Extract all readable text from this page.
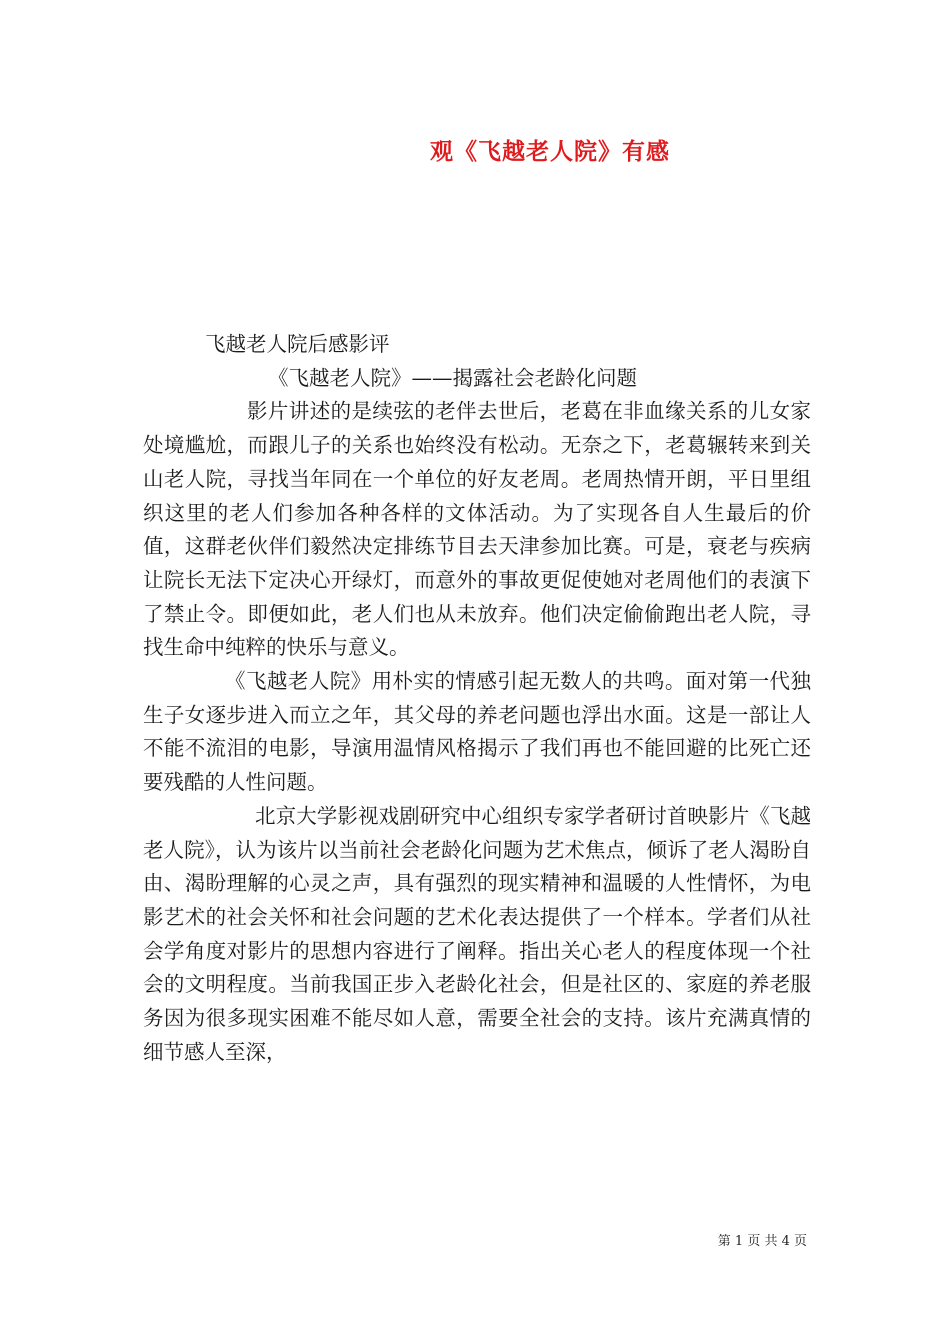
观《飞越老人院》有感

飞越老人院后感影评

《飞越老人院》——揭露社会老龄化问题

影片讲述的是续弦的老伴去世后，老葛在非血缘关系的儿女家处境尴尬，而跟儿子的关系也始终没有松动。无奈之下，老葛辗转来到关山老人院，寻找当年同在一个单位的好友老周。老周热情开朗，平日里组织这里的老人们参加各种各样的文体活动。为了实现各自人生最后的价值，这群老伙伴们毅然决定排练节目去天津参加比赛。可是，衰老与疾病让院长无法下定决心开绿灯，而意外的事故更促使她对老周他们的表演下了禁止令。即便如此，老人们也从未放弃。他们决定偷偷跑出老人院，寻找生命中纯粹的快乐与意义。

《飞越老人院》用朴实的情感引起无数人的共鸣。面对第一代独生子女逐步进入而立之年，其父母的养老问题也浮出水面。这是一部让人不能不流泪的电影，导演用温情风格揭示了我们再也不能回避的比死亡还要残酷的人性问题。

北京大学影视戏剧研究中心组织专家学者研讨首映影片《飞越老人院》，认为该片以当前社会老龄化问题为艺术焦点，倾诉了老人渴盼自由、渴盼理解的心灵之声，具有强烈的现实精神和温暖的人性情怀，为电影艺术的社会关怀和社会问题的艺术化表达提供了一个样本。学者们从社会学角度对影片的思想内容进行了阐释。指出关心老人的程度体现一个社会的文明程度。当前我国正步入老龄化社会，但是社区的、家庭的养老服务因为很多现实困难不能尽如人意，需要全社会的支持。该片充满真情的细节感人至深，

第 1 页 共 4 页
